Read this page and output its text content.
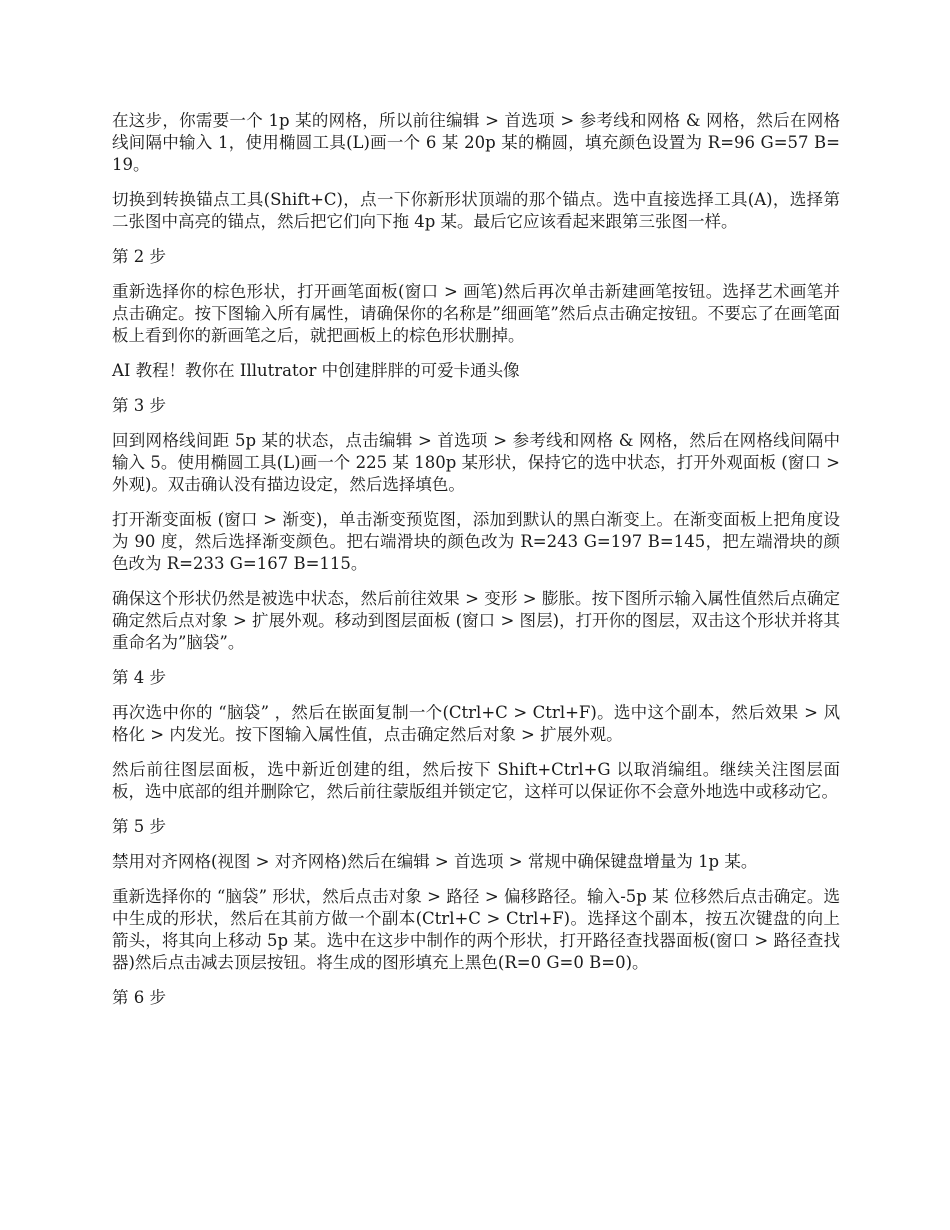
在这步，你需要一个 1p 某的网格，所以前往编辑 > 首选项 > 参考线和网格 & 网格，然后在网格线间隔中输入 1，使用椭圆工具(L)画一个 6 某 20p 某的椭圆，填充颜色设置为 R=96 G=57 B=19。

切换到转换锚点工具(Shift+C)，点一下你新形状顶端的那个锚点。选中直接选择工具(A)，选择第二张图中高亮的锚点，然后把它们向下拖 4p 某。最后它应该看起来跟第三张图一样。

第 2 步

重新选择你的棕色形状，打开画笔面板(窗口 > 画笔)然后再次单击新建画笔按钮。选择艺术画笔并点击确定。按下图输入所有属性，请确保你的名称是”细画笔”然后点击确定按钮。不要忘了在画笔面板上看到你的新画笔之后，就把画板上的棕色形状删掉。

AI 教程！教你在 Illutrator 中创建胖胖的可爱卡通头像

第 3 步

回到网格线间距 5p 某的状态，点击编辑 > 首选项 > 参考线和网格 & 网格，然后在网格线间隔中输入 5。使用椭圆工具(L)画一个 225 某 180p 某形状，保持它的选中状态，打开外观面板 (窗口 > 外观)。双击确认没有描边设定，然后选择填色。

打开渐变面板 (窗口 > 渐变)，单击渐变预览图，添加到默认的黑白渐变上。在渐变面板上把角度设为 90 度，然后选择渐变颜色。把右端滑块的颜色改为 R=243 G=197 B=145，把左端滑块的颜色改为 R=233 G=167 B=115。

确保这个形状仍然是被选中状态，然后前往效果 > 变形 > 膨胀。按下图所示输入属性值然后点确定确定然后点对象 > 扩展外观。移动到图层面板 (窗口 > 图层)，打开你的图层，双击这个形状并将其重命名为”脑袋”。

第 4 步

再次选中你的 “脑袋” ，然后在嵌面复制一个(Ctrl+C > Ctrl+F)。选中这个副本，然后效果 > 风格化 > 内发光。按下图输入属性值，点击确定然后对象 > 扩展外观。

然后前往图层面板，选中新近创建的组，然后按下 Shift+Ctrl+G 以取消编组。继续关注图层面板，选中底部的组并删除它，然后前往蒙版组并锁定它，这样可以保证你不会意外地选中或移动它。

第 5 步

禁用对齐网格(视图 > 对齐网格)然后在编辑 > 首选项 > 常规中确保键盘增量为 1p 某。

重新选择你的 “脑袋” 形状，然后点击对象 > 路径 > 偏移路径。输入-5p 某 位移然后点击确定。选中生成的形状，然后在其前方做一个副本(Ctrl+C > Ctrl+F)。选择这个副本，按五次键盘的向上箭头，将其向上移动 5p 某。选中在这步中制作的两个形状，打开路径查找器面板(窗口 > 路径查找器)然后点击减去顶层按钮。将生成的图形填充上黑色(R=0 G=0 B=0)。

第 6 步
